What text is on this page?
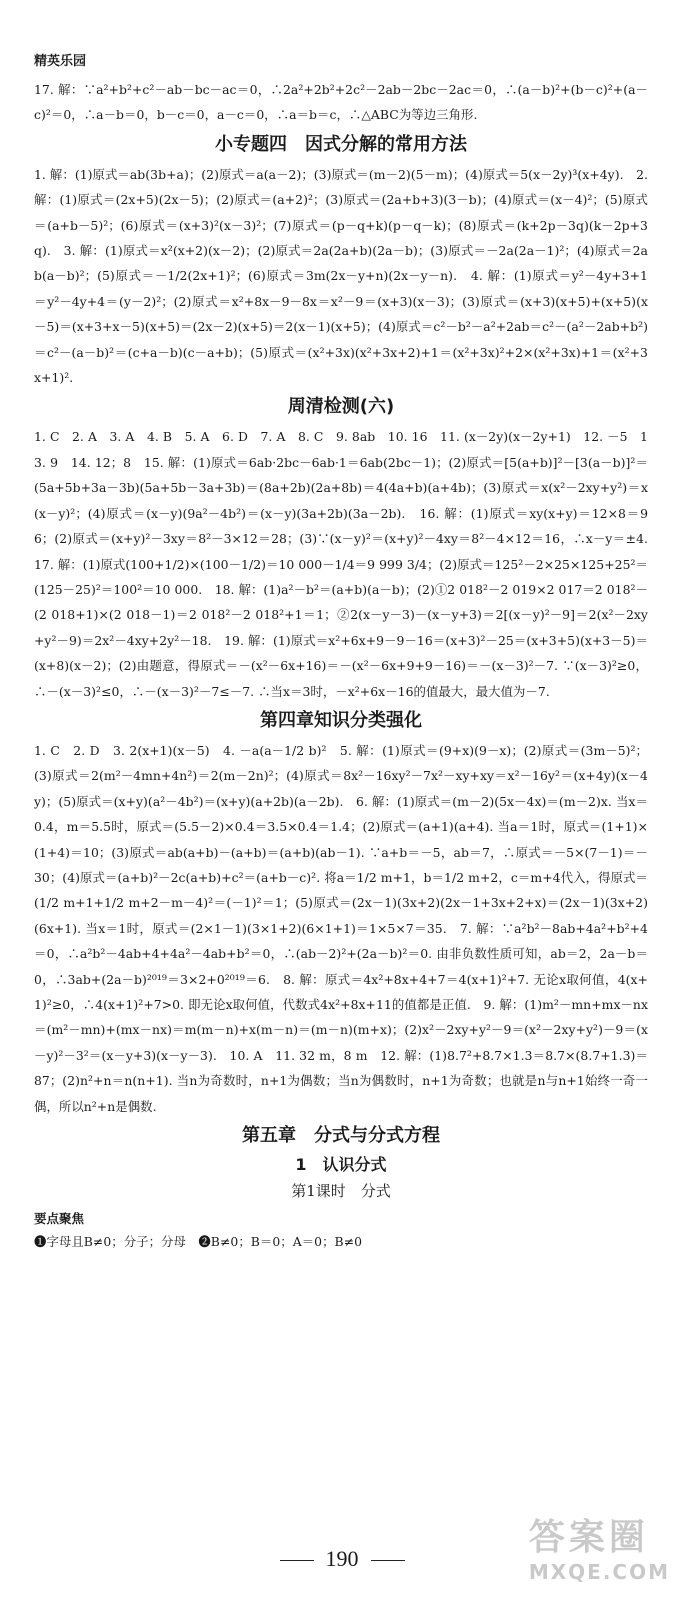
精英乐园

17. 解：∵a²+b²+c²－ab－bc－ac＝0，∴2a²+2b²+2c²－2ab－2bc－2ac＝0，∴(a－b)²+(b－c)²+(a－c)²＝0，∴a－b＝0，b－c＝0，a－c＝0，∴a＝b＝c，∴△ABC为等边三角形.

小专题四　因式分解的常用方法

1. 解：(1)原式＝ab(3b+a)；(2)原式＝a(a－2)；(3)原式＝(m－2)(5－m)；(4)原式＝5(x－2y)³(x+4y).　2. 解：(1)原式＝(2x+5)(2x－5)；(2)原式＝(a+2)²；(3)原式＝(2a+b+3)(3－b)；(4)原式＝(x－4)²；(5)原式＝(a+b－5)²；(6)原式＝(x+3)²(x－3)²；(7)原式＝(p－q+k)(p－q－k)；(8)原式＝(k+2p－3q)(k－2p+3q).　3. 解：(1)原式＝x²(x+2)(x－2)；(2)原式＝2a(2a+b)(2a－b)；(3)原式＝－2a(2a－1)²；(4)原式＝2ab(a－b)²；(5)原式＝－1/2(2x+1)²；(6)原式＝3m(2x－y+n)(2x－y－n).　4. 解：(1)原式＝y²－4y+3+1＝y²－4y+4＝(y－2)²；(2)原式＝x²+8x－9－8x＝x²－9＝(x+3)(x－3)；(3)原式＝(x+3)(x+5)+(x+5)(x－5)＝(x+3+x－5)(x+5)＝(2x－2)(x+5)＝2(x－1)(x+5)；(4)原式＝c²－b²－a²+2ab＝c²－(a²－2ab+b²)＝c²－(a－b)²＝(c+a－b)(c－a+b)；(5)原式＝(x²+3x)(x²+3x+2)+1＝(x²+3x)²+2×(x²+3x)+1＝(x²+3x+1)².

周清检测(六)

1. C　2. A　3. A　4. B　5. A　6. D　7. A　8. C　9. 8ab　10. 16　11. (x－2y)(x－2y+1)　12. －5　13. 9　14. 12；8　15. 解：(1)原式＝6ab·2bc－6ab·1＝6ab(2bc－1)；(2)原式＝[5(a+b)]²－[3(a－b)]²＝(5a+5b+3a－3b)(5a+5b－3a+3b)＝(8a+2b)(2a+8b)＝4(4a+b)(a+4b)；(3)原式＝x(x²－2xy+y²)＝x(x－y)²；(4)原式＝(x－y)(9a²－4b²)＝(x－y)(3a+2b)(3a－2b).　16. 解：(1)原式＝xy(x+y)＝12×8＝96；(2)原式＝(x+y)²－3xy＝8²－3×12＝28；(3)∵(x－y)²＝(x+y)²－4xy＝8²－4×12＝16，∴x－y＝±4.　17. 解：(1)原式(100+1/2)×(100－1/2)＝10 000－1/4＝9 999 3/4；(2)原式＝125²－2×25×125+25²＝(125－25)²＝100²＝10 000.　18. 解：(1)a²－b²＝(a+b)(a－b)；(2)①2 018²－2 019×2 017＝2 018²－(2 018+1)×(2 018－1)＝2 018²－2 018²+1＝1；②2(x－y－3)－(x－y+3)＝2[(x－y)²－9]＝2(x²－2xy+y²－9)＝2x²－4xy+2y²－18.　19. 解：(1)原式＝x²+6x+9－9－16＝(x+3)²－25＝(x+3+5)(x+3－5)＝(x+8)(x－2)；(2)由题意，得原式＝－(x²－6x+16)＝－(x²－6x+9+9－16)＝－(x－3)²－7. ∵(x－3)²≥0，∴－(x－3)²≤0，∴－(x－3)²－7≤－7. ∴当x＝3时，－x²+6x－16的值最大，最大值为－7.

第四章知识分类强化

1. C　2. D　3. 2(x+1)(x－5)　4. －a(a－1/2 b)²　5. 解：(1)原式＝(9+x)(9－x)；(2)原式＝(3m－5)²；(3)原式＝2(m²－4mn+4n²)＝2(m－2n)²；(4)原式＝8x²－16xy²－7x²－xy+xy＝x²－16y²＝(x+4y)(x－4y)；(5)原式＝(x+y)(a²－4b²)＝(x+y)(a+2b)(a－2b).　6. 解：(1)原式＝(m－2)(5x－4x)＝(m－2)x. 当x＝0.4，m＝5.5时，原式＝(5.5－2)×0.4＝3.5×0.4＝1.4；(2)原式＝(a+1)(a+4). 当a＝1时，原式＝(1+1)×(1+4)＝10；(3)原式＝ab(a+b)－(a+b)＝(a+b)(ab－1). ∵a+b＝－5，ab＝7，∴原式＝－5×(7－1)＝－30；(4)原式＝(a+b)²－2c(a+b)+c²＝(a+b－c)². 将a＝1/2 m+1，b＝1/2 m+2，c＝m+4代入，得原式＝(1/2 m+1+1/2 m+2－m－4)²＝(－1)²＝1；(5)原式＝(2x－1)(3x+2)(2x－1+3x+2+x)＝(2x－1)(3x+2)(6x+1). 当x＝1时，原式＝(2×1－1)(3×1+2)(6×1+1)＝1×5×7＝35.　7. 解：∵a²b²－8ab+4a²+b²+4＝0，∴a²b²－4ab+4+4a²－4ab+b²＝0，∴(ab－2)²+(2a－b)²＝0. 由非负数性质可知，ab＝2，2a－b＝0，∴3ab+(2a－b)²⁰¹⁹＝3×2+0²⁰¹⁹＝6.　8. 解：原式＝4x²+8x+4+7＝4(x+1)²+7. 无论x取何值，4(x+1)²≥0，∴4(x+1)²+7>0. 即无论x取何值，代数式4x²+8x+11的值都是正值.　9. 解：(1)m²－mn+mx－nx＝(m²－mn)+(mx－nx)＝m(m－n)+x(m－n)＝(m－n)(m+x)；(2)x²－2xy+y²－9＝(x²－2xy+y²)－9＝(x－y)²－3²＝(x－y+3)(x－y－3).　10. A　11. 32 m，8 m　12. 解：(1)8.7²+8.7×1.3＝8.7×(8.7+1.3)＝87；(2)n²+n＝n(n+1). 当n为奇数时，n+1为偶数；当n为偶数时，n+1为奇数；也就是n与n+1始终一奇一偶，所以n²+n是偶数.

第五章　分式与分式方程
1　认识分式
第1课时　分式
要点聚焦

❶字母且B≠0；分子；分母　❷B≠0；B＝0；A＝0；B≠0

190
答案圈
MXQE.COM
